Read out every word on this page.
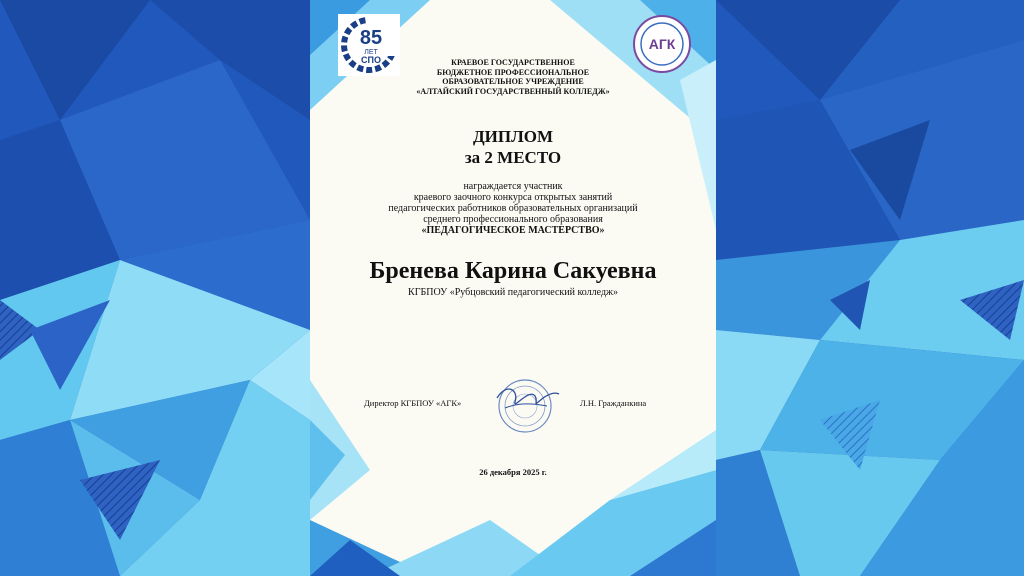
85
ЛЕТ
СПО
АГК
КРАЕВОЕ ГОСУДАРСТВЕННОЕ
БЮДЖЕТНОЕ ПРОФЕССИОНАЛЬНОЕ
ОБРАЗОВАТЕЛЬНОЕ УЧРЕЖДЕНИЕ
«АЛТАЙСКИЙ ГОСУДАРСТВЕННЫЙ КОЛЛЕДЖ»
ДИПЛОМ
за 2 МЕСТО
награждается участник
краевого заочного конкурса открытых занятий
педагогических работников образовательных организаций
среднего профессионального образования
«ПЕДАГОГИЧЕСКОЕ МАСТЕРСТВО»
Бренева Карина Сакуевна
КГБПОУ «Рубцовский педагогический колледж»
Директор КГБПОУ «АГК»	Л.Н. Гражданкина
26 декабря 2025 г.
